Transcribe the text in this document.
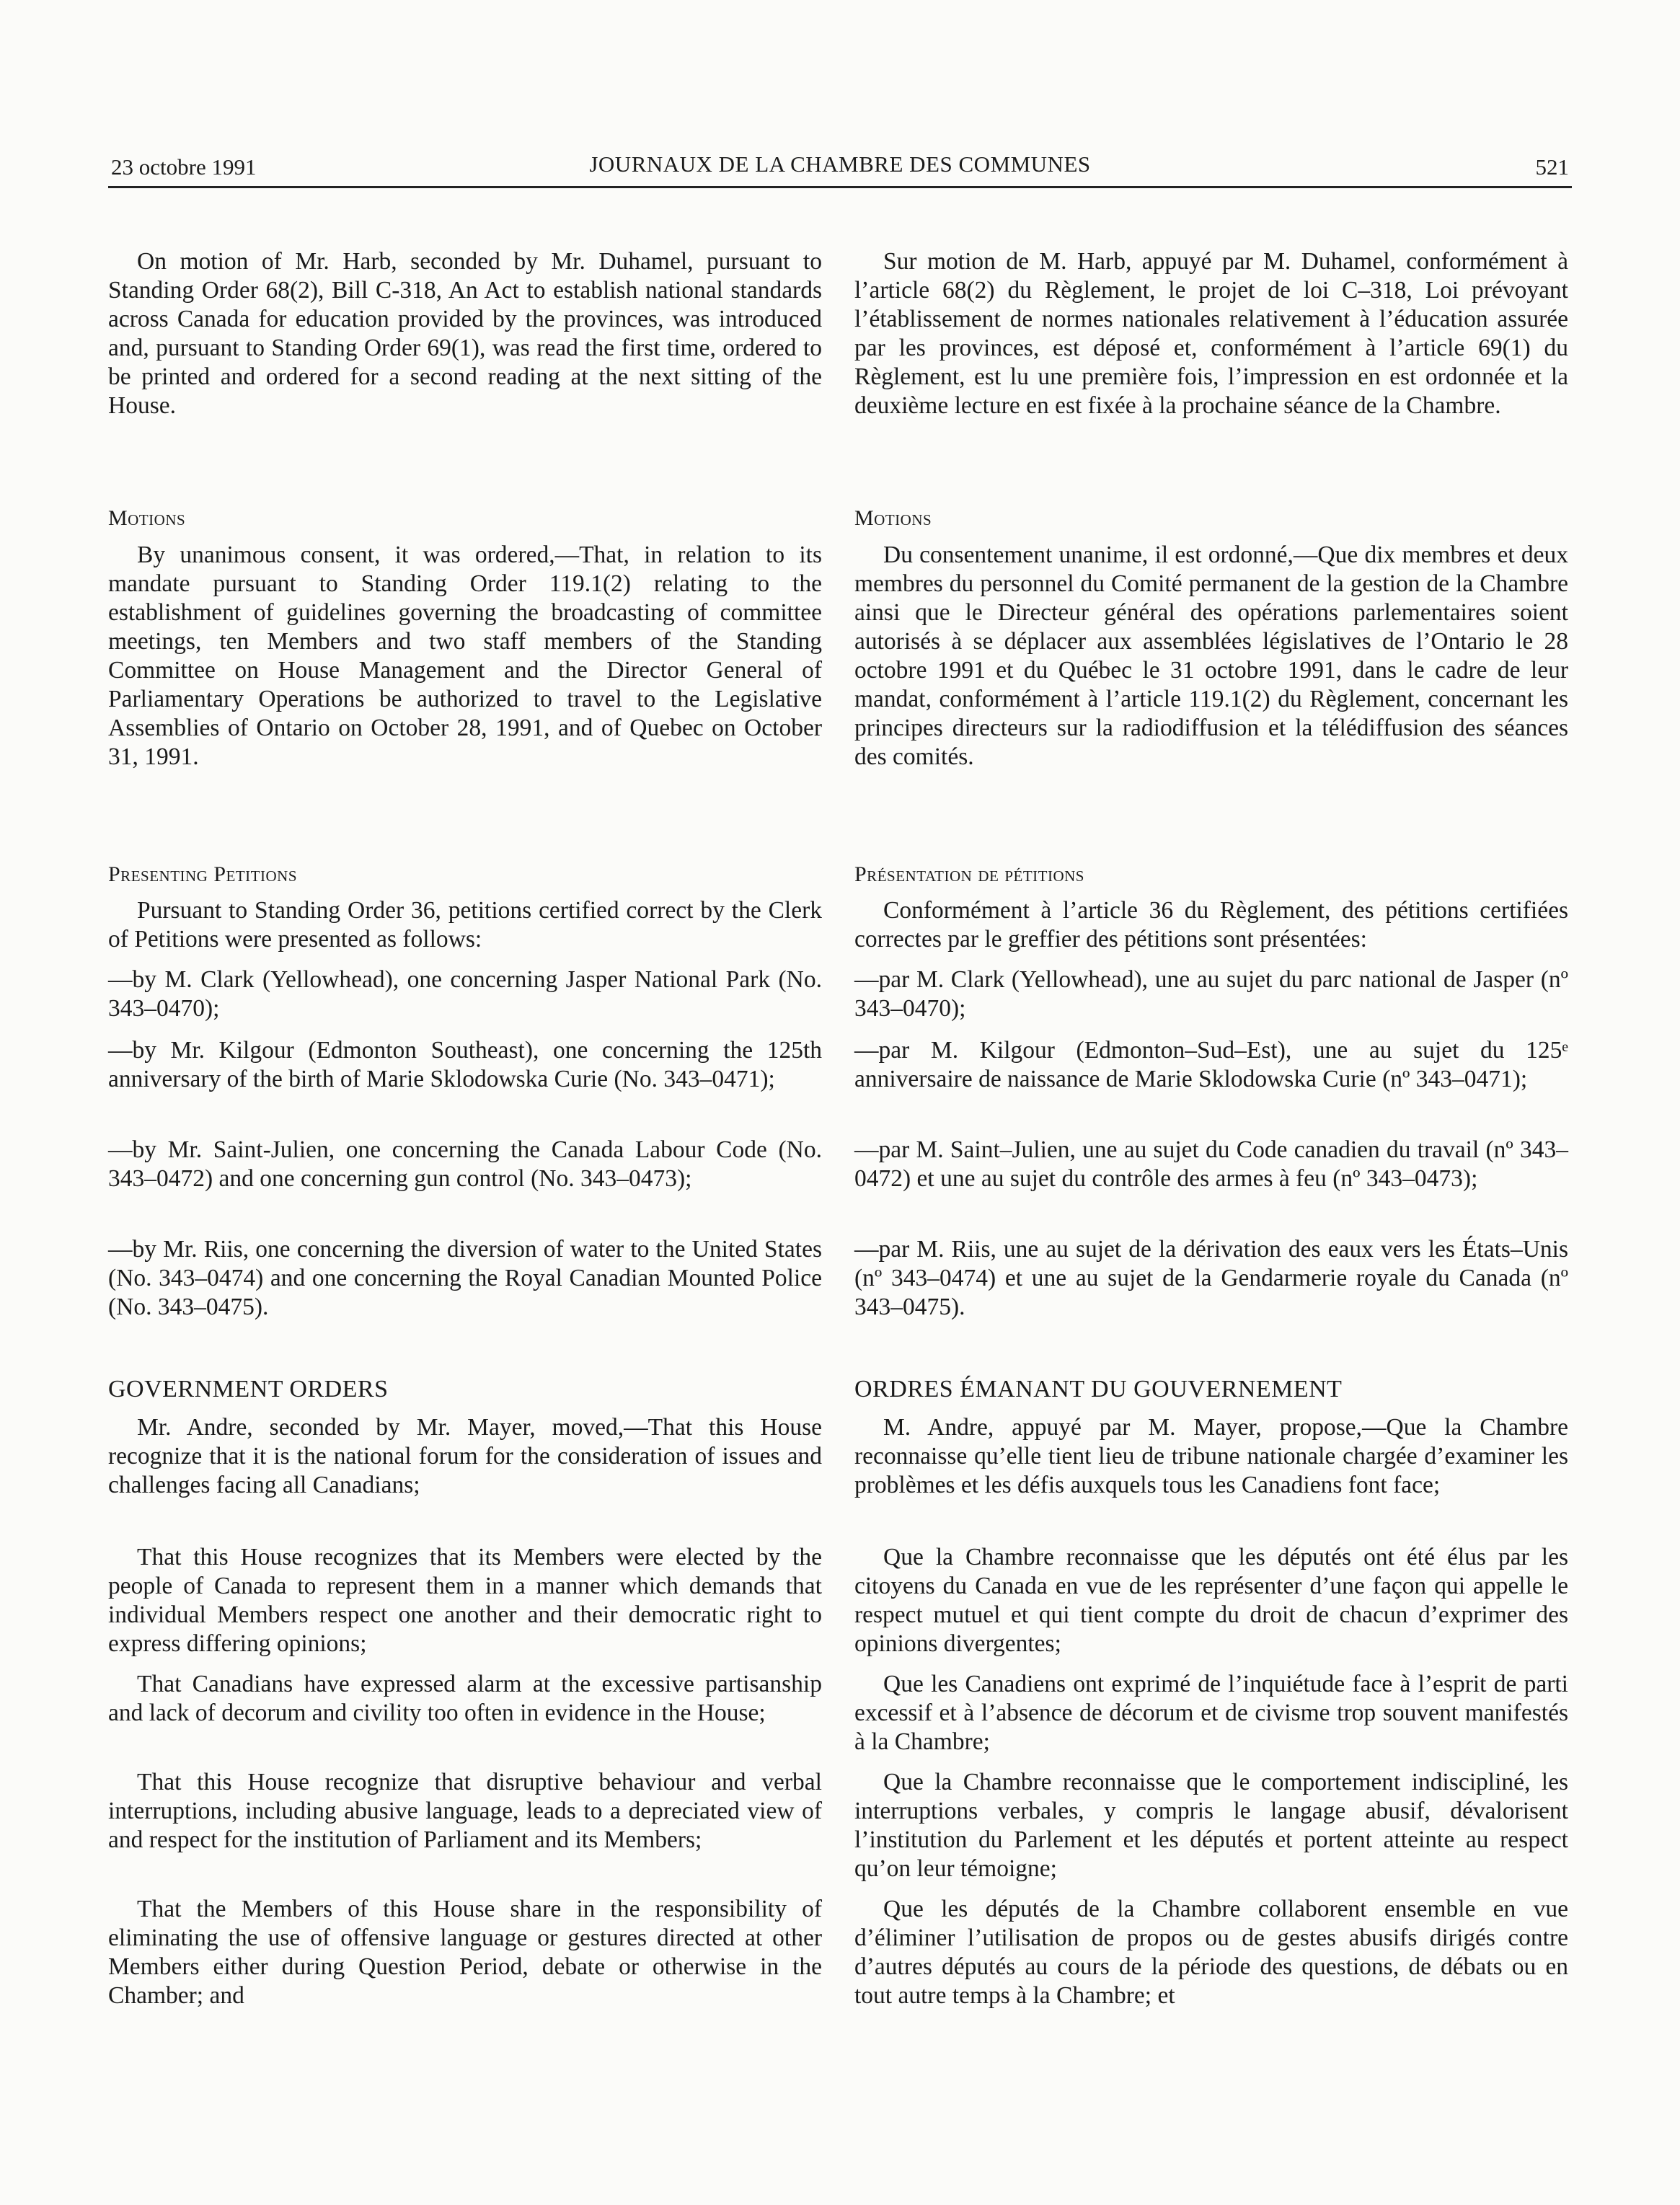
23 octobre 1991	JOURNAUX DE LA CHAMBRE DES COMMUNES	521

On motion of Mr. Harb, seconded by Mr. Duhamel, pursuant to Standing Order 68(2), Bill C-318, An Act to establish national standards across Canada for education provided by the provinces, was introduced and, pursuant to Standing Order 69(1), was read the first time, ordered to be printed and ordered for a second reading at the next sitting of the House.

Motions

By unanimous consent, it was ordered,—That, in relation to its mandate pursuant to Standing Order 119.1(2) relating to the establishment of guidelines governing the broadcasting of committee meetings, ten Members and two staff members of the Standing Committee on House Management and the Director General of Parliamentary Operations be authorized to travel to the Legislative Assemblies of Ontario on October 28, 1991, and of Quebec on October 31, 1991.

Presenting Petitions

Pursuant to Standing Order 36, petitions certified correct by the Clerk of Petitions were presented as follows:

—by M. Clark (Yellowhead), one concerning Jasper National Park (No. 343–0470);

—by Mr. Kilgour (Edmonton Southeast), one concerning the 125th anniversary of the birth of Marie Sklodowska Curie (No. 343–0471);

—by Mr. Saint-Julien, one concerning the Canada Labour Code (No. 343–0472) and one concerning gun control (No. 343–0473);

—by Mr. Riis, one concerning the diversion of water to the United States (No. 343–0474) and one concerning the Royal Canadian Mounted Police (No. 343–0475).

GOVERNMENT ORDERS

Mr. Andre, seconded by Mr. Mayer, moved,—That this House recognize that it is the national forum for the consideration of issues and challenges facing all Canadians;

That this House recognizes that its Members were elected by the people of Canada to represent them in a manner which demands that individual Members respect one another and their democratic right to express differing opinions;

That Canadians have expressed alarm at the excessive partisanship and lack of decorum and civility too often in evidence in the House;

That this House recognize that disruptive behaviour and verbal interruptions, including abusive language, leads to a depreciated view of and respect for the institution of Parliament and its Members;

That the Members of this House share in the responsibility of eliminating the use of offensive language or gestures directed at other Members either during Question Period, debate or otherwise in the Chamber; and

Sur motion de M. Harb, appuyé par M. Duhamel, conformément à l’article 68(2) du Règlement, le projet de loi C–318, Loi prévoyant l’établissement de normes nationales relativement à l’éducation assurée par les provinces, est déposé et, conformément à l’article 69(1) du Règlement, est lu une première fois, l’impression en est ordonnée et la deuxième lecture en est fixée à la prochaine séance de la Chambre.

Motions

Du consentement unanime, il est ordonné,—Que dix membres et deux membres du personnel du Comité permanent de la gestion de la Chambre ainsi que le Directeur général des opérations parlementaires soient autorisés à se déplacer aux assemblées législatives de l’Ontario le 28 octobre 1991 et du Québec le 31 octobre 1991, dans le cadre de leur mandat, conformément à l’article 119.1(2) du Règlement, concernant les principes directeurs sur la radiodiffusion et la télédiffusion des séances des comités.

Présentation de pétitions

Conformément à l’article 36 du Règlement, des pétitions certifiées correctes par le greffier des pétitions sont présentées:

—par M. Clark (Yellowhead), une au sujet du parc national de Jasper (nº 343–0470);

—par M. Kilgour (Edmonton–Sud–Est), une au sujet du 125ᵉ anniversaire de naissance de Marie Sklodowska Curie (nº 343–0471);

—par M. Saint–Julien, une au sujet du Code canadien du travail (nº 343–0472) et une au sujet du contrôle des armes à feu (nº 343–0473);

—par M. Riis, une au sujet de la dérivation des eaux vers les États–Unis (nº 343–0474) et une au sujet de la Gendarmerie royale du Canada (nº 343–0475).

ORDRES ÉMANANT DU GOUVERNEMENT

M. Andre, appuyé par M. Mayer, propose,—Que la Chambre reconnaisse qu’elle tient lieu de tribune nationale chargée d’examiner les problèmes et les défis auxquels tous les Canadiens font face;

Que la Chambre reconnaisse que les députés ont été élus par les citoyens du Canada en vue de les représenter d’une façon qui appelle le respect mutuel et qui tient compte du droit de chacun d’exprimer des opinions divergentes;

Que les Canadiens ont exprimé de l’inquiétude face à l’esprit de parti excessif et à l’absence de décorum et de civisme trop souvent manifestés à la Chambre;

Que la Chambre reconnaisse que le comportement indiscipliné, les interruptions verbales, y compris le langage abusif, dévalorisent l’institution du Parlement et les députés et portent atteinte au respect qu’on leur témoigne;

Que les députés de la Chambre collaborent ensemble en vue d’éliminer l’utilisation de propos ou de gestes abusifs dirigés contre d’autres députés au cours de la période des questions, de débats ou en tout autre temps à la Chambre; et
